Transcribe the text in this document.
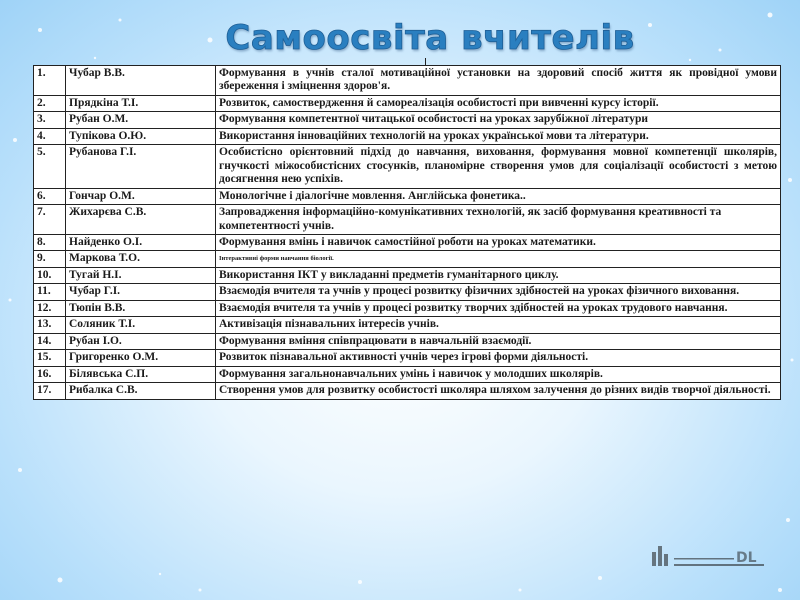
Самоосвіта вчителів
1.	Чубар В.В.	Формування в учнів сталої мотиваційної установки на здоровий спосіб життя як провідної умови збереження і зміцнення здоров'я.
2.	Прядкіна Т.І.	Розвиток, самоствердження й самореалізація особистості при вивченні курсу історії.
3.	Рубан О.М.	Формування компетентної читацької особистості на уроках зарубіжної літератури
4.	Тупікова О.Ю.	Використання інноваційних технологій на уроках української мови та літератури.
5.	Рубанова Г.І.	Особистісно орієнтовний підхід до навчання, виховання, формування мовної компетенції школярів, гнучкості міжособистісних стосунків, планомірне створення умов для соціалізації особистості з метою досягнення нею успіхів.
6.	Гончар О.М.	Монологічне і діалогічне мовлення. Англійська фонетика..
7.	Жихарєва С.В.	Запровадження інформаційно-комунікативних технологій, як засіб формування креативності та компетентності учнів.
8.	Найденко О.І.	Формування вмінь і навичок самостійної роботи на уроках математики.
9.	Маркова Т.О.	Інтерактивні форми навчання біології.
10.	Тугай Н.І.	Використання ІКТ у викладанні предметів гуманітарного циклу.
11.	Чубар Г.І.	Взаємодія вчителя та учнів у процесі розвитку фізичних здібностей на уроках фізичного виховання.
12.	Тюпін В.В.	Взаємодія вчителя та учнів у процесі розвитку творчих здібностей на уроках трудового навчання.
13.	Соляник Т.І.	Активізація пізнавальних інтересів учнів.
14.	Рубан І.О.	Формування вміння співпрацювати в навчальній взаємодії.
15.	Григоренко О.М.	Розвиток пізнавальної активності учнів через ігрові форми діяльності.
16.	Білявська С.П.	Формування загальнонавчальних умінь і навичок у молодших школярів.
17.	Рибалка С.В.	Створення умов для розвитку особистості школяра шляхом залучення до різних видів творчої діяльності.
DL
